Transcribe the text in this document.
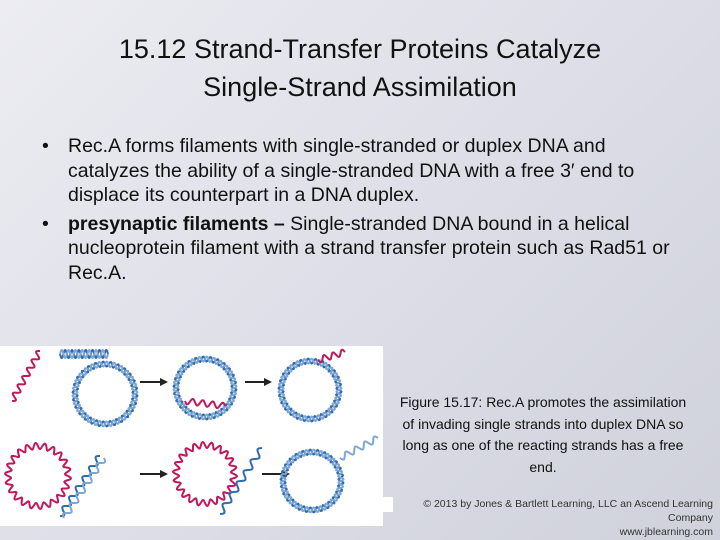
15.12 Strand-Transfer Proteins Catalyze
Single-Strand Assimilation
• Rec.A forms filaments with single-stranded or duplex DNA and catalyzes the ability of a single-stranded DNA with a free 3′ end to displace its counterpart in a DNA duplex.
• presynaptic filaments – Single-stranded DNA bound in a helical nucleoprotein filament with a strand transfer protein such as Rad51 or Rec.A.
Figure 15.17: Rec.A promotes the assimilation of invading single strands into duplex DNA so long as one of the reacting strands has a free end.
© 2013 by Jones & Bartlett Learning, LLC an Ascend Learning Company
www.jblearning.com
